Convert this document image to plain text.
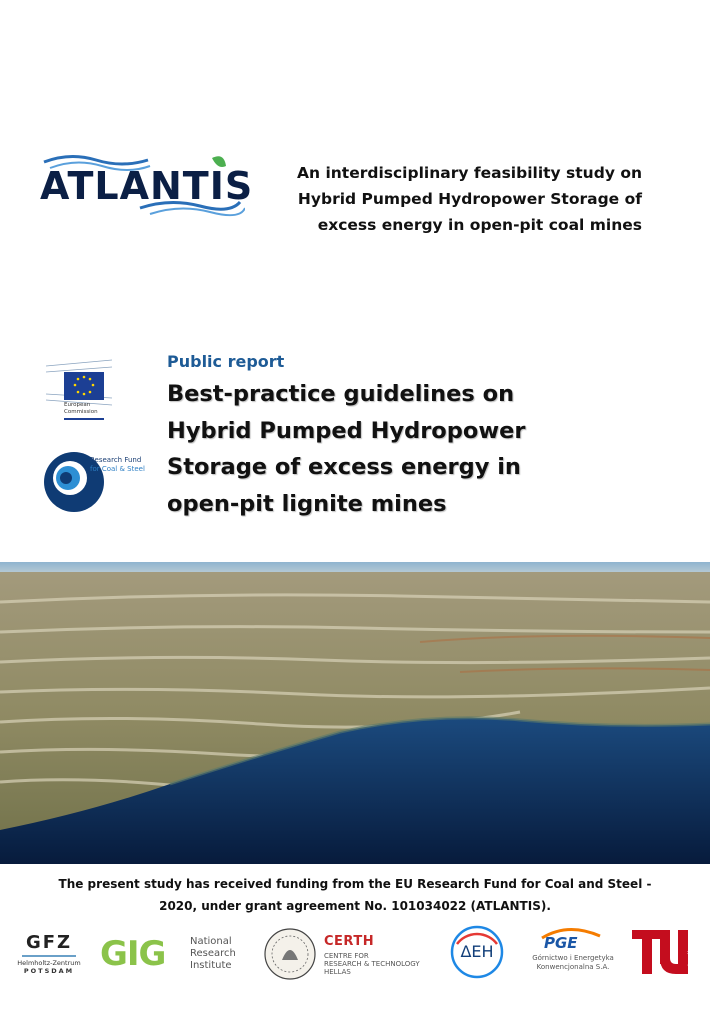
ATLANTIS	An interdisciplinary feasibility study on
Hybrid Pumped Hydropower Storage of
excess energy in open-pit coal mines
European
Commission
Research Fund
for Coal & Steel
Public report
Best-practice guidelines on
Hybrid Pumped Hydropower
Storage of excess energy in
open-pit lignite mines
The present study has received funding from the EU Research Fund for Coal and Steel -
2020, under grant agreement No. 101034022 (ATLANTIS).
GFZ
Helmholtz-Zentrum
POTSDAM GIG National
Research
Institute
CERTH
CENTRE FOR
RESEARCH & TECHNOLOGY
HELLAS
ΔΕΗ	PGE
Górnictwo i Energetyka
Konwencjonalna S.A.
berlin
